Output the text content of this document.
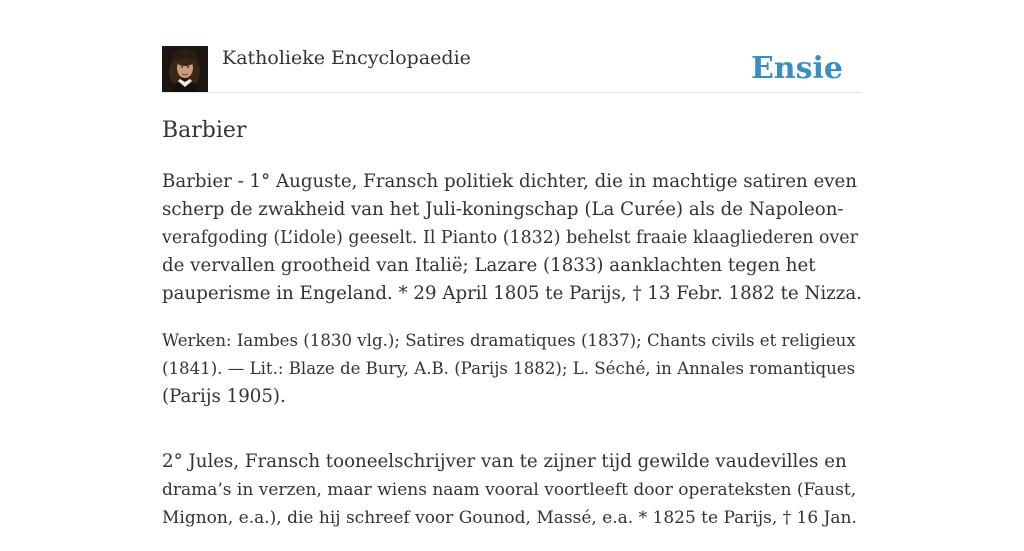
Katholieke Encyclopaedie	Ensie
Barbier

Barbier - 1° Auguste, Fransch politiek dichter, die in machtige satiren even
scherp de zwakheid van het Juli-koningschap (La Curée) als de Napoleon-
verafgoding (L’idole) geeselt. Il Pianto (1832) behelst fraaie klaagliederen over
de vervallen grootheid van Italië; Lazare (1833) aanklachten tegen het
pauperisme in Engeland. * 29 April 1805 te Parijs, † 13 Febr. 1882 te Nizza.

Werken: Iambes (1830 vlg.); Satires dramatiques (1837); Chants civils et religieux
(1841). — Lit.: Blaze de Bury, A.B. (Parijs 1882); L. Séché, in Annales romantiques
(Parijs 1905).

2° Jules, Fransch tooneelschrijver van te zijner tijd gewilde vaudevilles en
drama’s in verzen, maar wiens naam vooral voortleeft door operateksten (Faust,
Mignon, e.a.), die hij schreef voor Gounod, Massé, e.a. * 1825 te Parijs, † 16 Jan.
